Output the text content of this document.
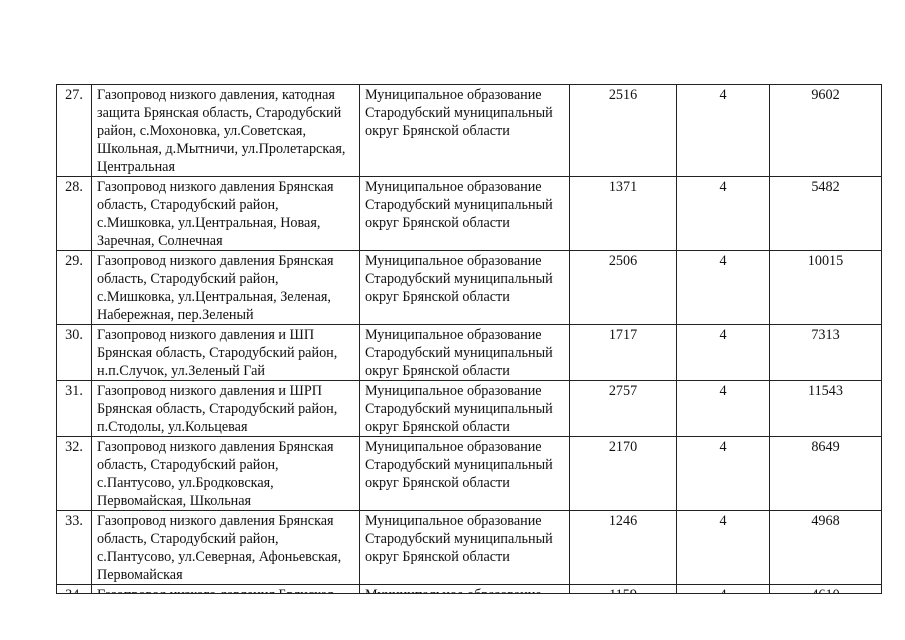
27.	Газопровод низкого давления, катодная защита Брянская область, Стародубский район, с.Мохоновка, ул.Советская, Школьная, д.Мытничи, ул.Пролетарская, Центральная	Муниципальное образование Стародубский муниципальный округ Брянской области	2516	4	9602
28.	Газопровод низкого давления Брянская область, Стародубский район, с.Мишковка, ул.Центральная, Новая, Заречная, Солнечная	Муниципальное образование Стародубский муниципальный округ Брянской области	1371	4	5482
29.	Газопровод низкого давления Брянская область, Стародубский район, с.Мишковка, ул.Центральная, Зеленая, Набережная, пер.Зеленый	Муниципальное образование Стародубский муниципальный округ Брянской области	2506	4	10015
30.	Газопровод низкого давления и ШП Брянская область, Стародубский район, н.п.Случок, ул.Зеленый Гай	Муниципальное образование Стародубский муниципальный округ Брянской области	1717	4	7313
31.	Газопровод низкого давления и ШРП Брянская область, Стародубский район, п.Стодолы, ул.Кольцевая	Муниципальное образование Стародубский муниципальный округ Брянской области	2757	4	11543
32.	Газопровод низкого давления Брянская область, Стародубский район, с.Пантусово, ул.Бродковская, Первомайская, Школьная	Муниципальное образование Стародубский муниципальный округ Брянской области	2170	4	8649
33.	Газопровод низкого давления Брянская область, Стародубский район, с.Пантусово, ул.Северная, Афоньевская, Первомайская	Муниципальное образование Стародубский муниципальный округ Брянской области	1246	4	4968
